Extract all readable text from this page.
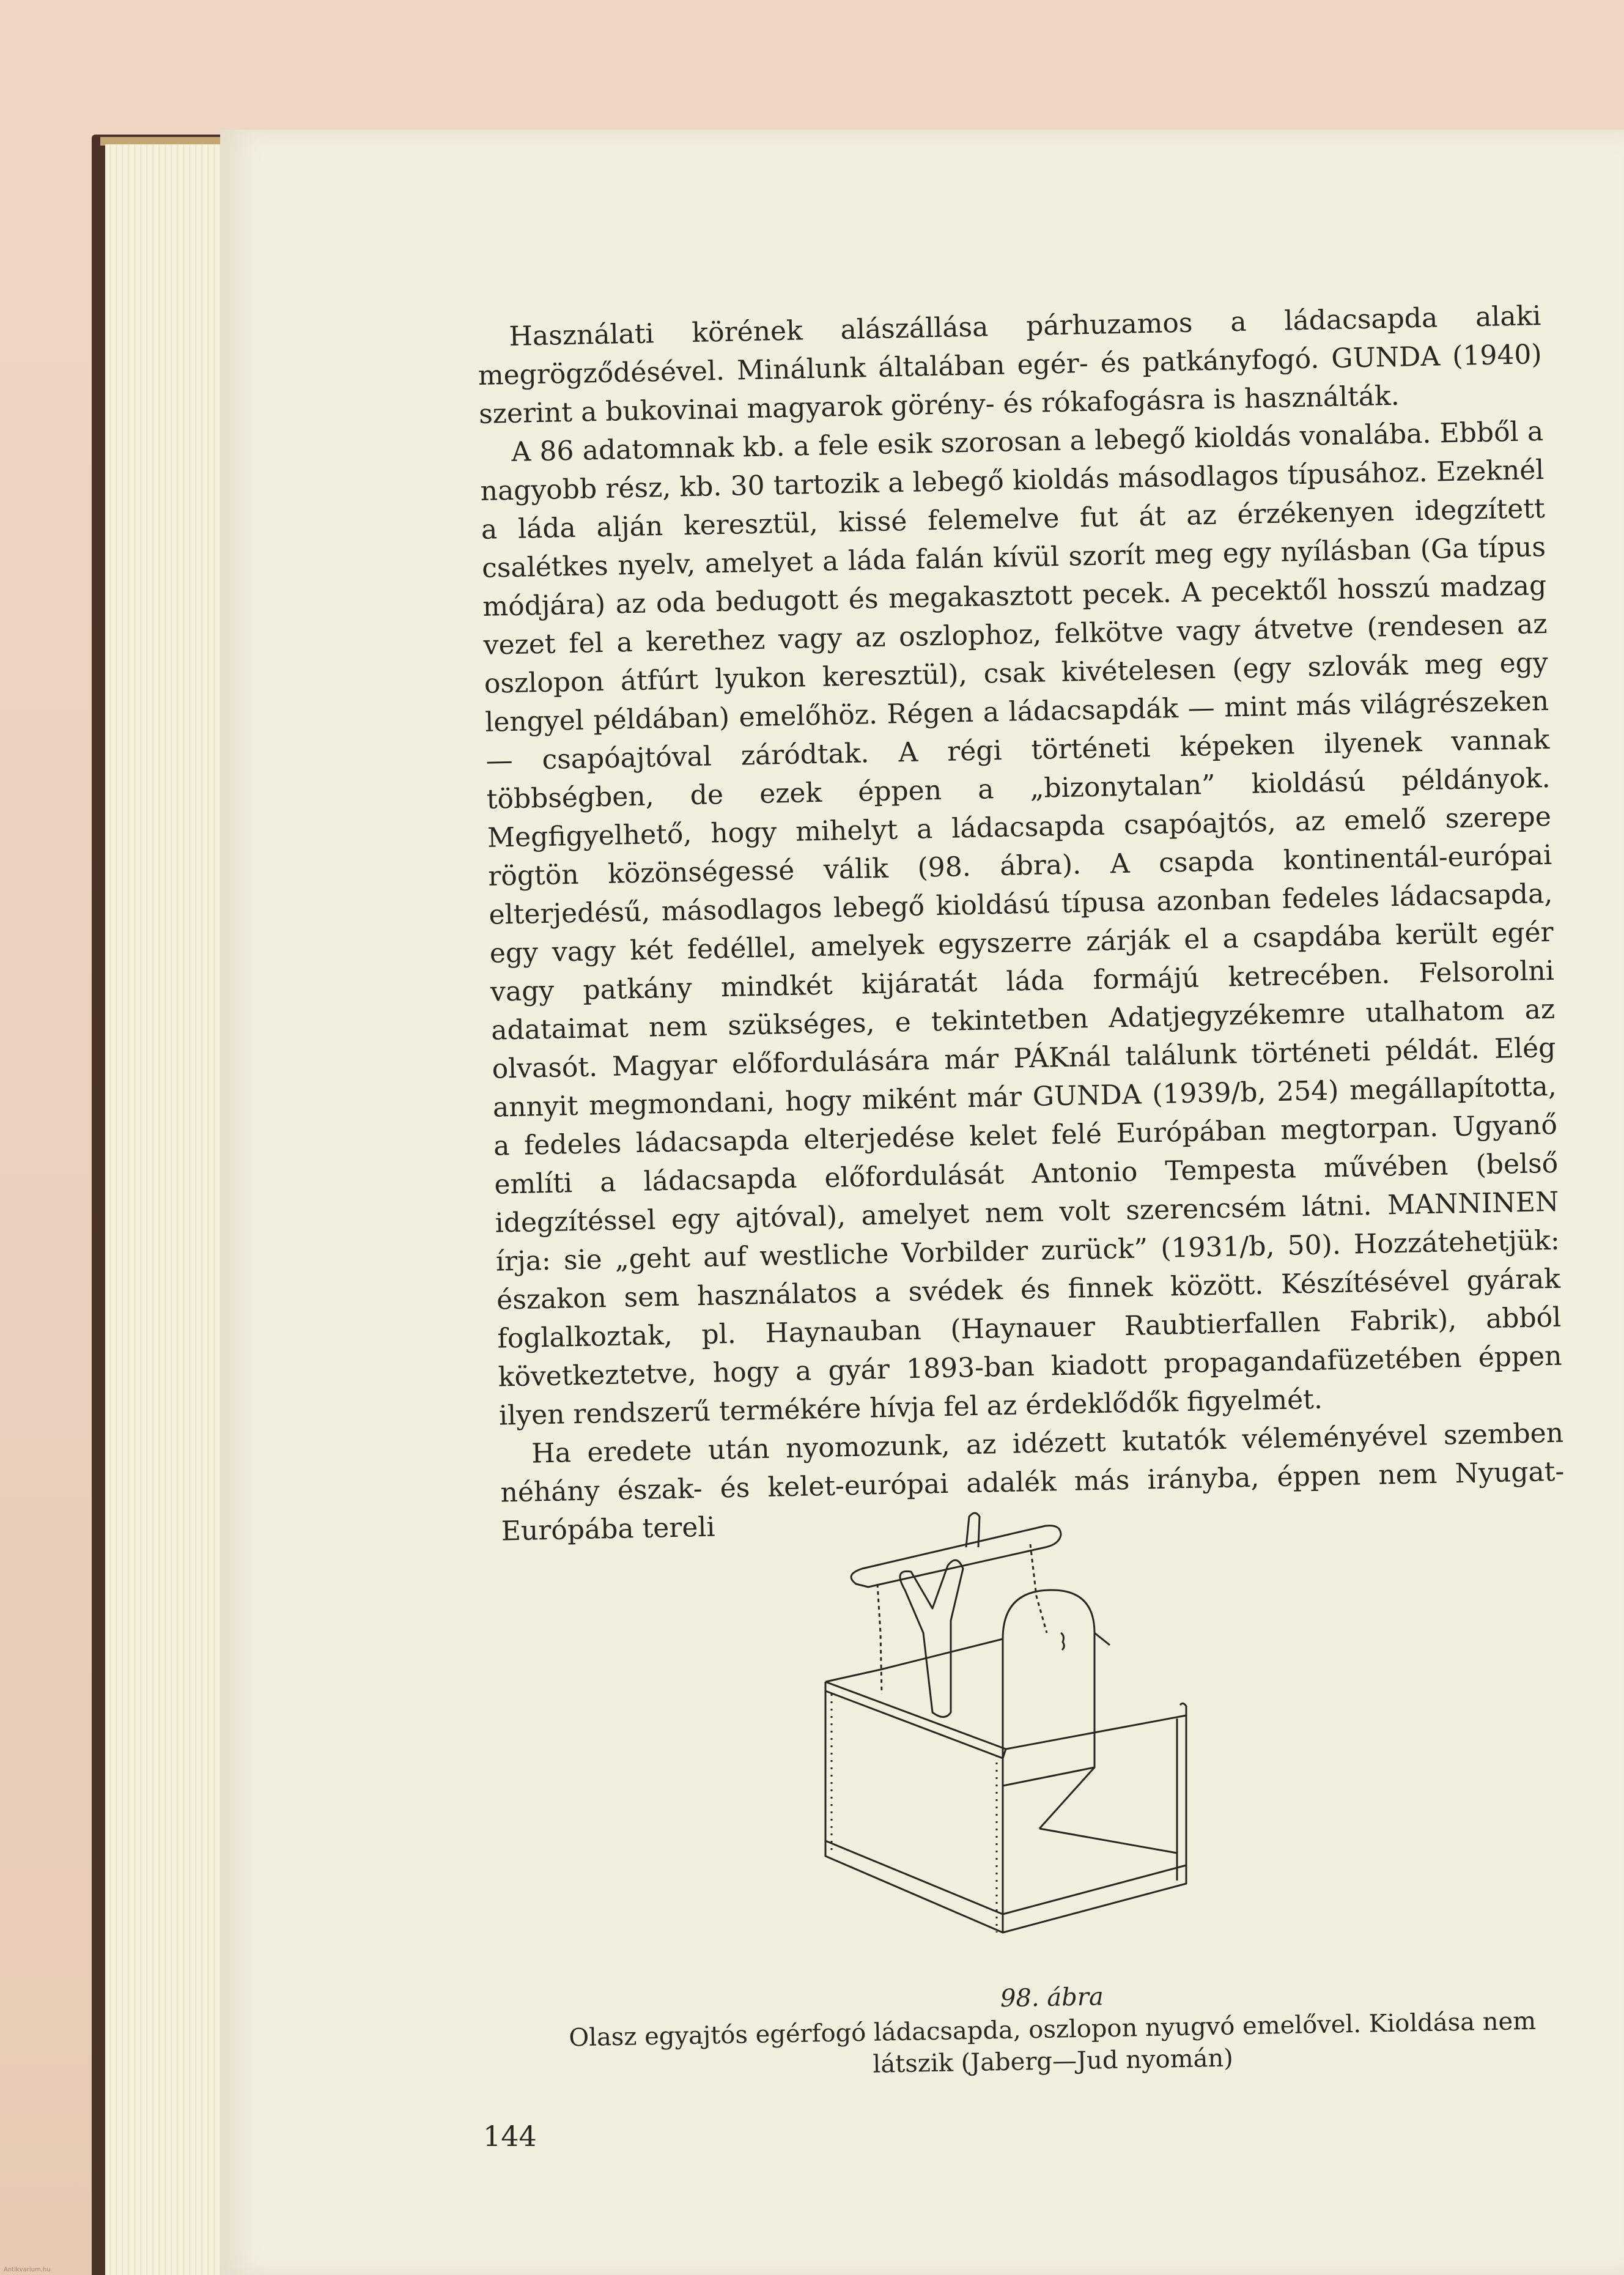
Használati körének alászállása párhuzamos a ládacsapda alaki megrögződésével. Minálunk általában egér- és patkányfogó. GUNDA (1940) szerint a bukovinai magyarok görény- és rókafogásra is használták.

A 86 adatomnak kb. a fele esik szorosan a lebegő kioldás vonalába. Ebből a nagyobb rész, kb. 30 tartozik a lebegő kioldás másodlagos típusához. Ezeknél a láda alján keresztül, kissé felemelve fut át az érzékenyen idegzített csalétkes nyelv, amelyet a láda falán kívül szorít meg egy nyílásban (Ga típus módjára) az oda bedugott és megakasztott pecek. A pecektől hosszú madzag vezet fel a kerethez vagy az oszlophoz, felkötve vagy átvetve (rendesen az oszlopon átfúrt lyukon keresztül), csak kivételesen (egy szlovák meg egy lengyel példában) emelőhöz. Régen a ládacsapdák — mint más világrészeken — csapóajtóval záródtak. A régi történeti képeken ilyenek vannak többségben, de ezek éppen a „bizonytalan” kioldású példányok. Megfigyelhető, hogy mihelyt a ládacsapda csapóajtós, az emelő szerepe rögtön közönségessé válik (98. ábra). A csapda kontinentál-európai elterjedésű, másodlagos lebegő kioldású típusa azonban fedeles ládacsapda, egy vagy két fedéllel, amelyek egyszerre zárják el a csapdába került egér vagy patkány mindkét kijáratát láda formájú ketrecében. Felsorolni adataimat nem szükséges, e tekintetben Adatjegyzékemre utalhatom az olvasót. Magyar előfordulására már PÁKnál találunk történeti példát. Elég annyit megmondani, hogy miként már GUNDA (1939/b, 254) megállapította, a fedeles ládacsapda elterjedése kelet felé Európában megtorpan. Ugyanő említi a ládacsapda előfordulását Antonio Tempesta művében (belső idegzítéssel egy ajtóval), amelyet nem volt szerencsém látni. MANNINEN írja: sie „geht auf westliche Vorbilder zurück” (1931/b, 50). Hozzátehetjük: északon sem használatos a svédek és finnek között. Készítésével gyárak foglalkoztak, pl. Haynauban (Haynauer Raubtierfallen Fabrik), abból következtetve, hogy a gyár 1893-ban kiadott propagandafüzetében éppen ilyen rendszerű termékére hívja fel az érdeklődők figyelmét.

Ha eredete után nyomozunk, az idézett kutatók véleményével szemben néhány észak- és kelet-európai adalék más irányba, éppen nem Nyugat-Európába tereli

98. ábra
Olasz egyajtós egérfogó ládacsapda, oszlopon nyugvó emelővel. Kioldása nem látszik (Jaberg—Jud nyomán)
144
Antikvarium.hu
